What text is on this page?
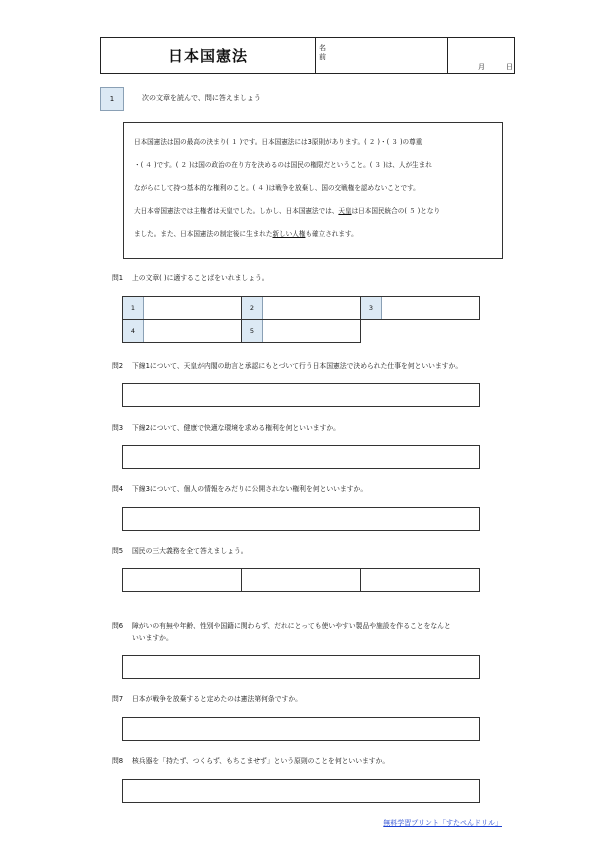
日本国憲法	名
前
月	日
1	次の文章を読んで、問に答えましょう

日本国憲法は国の最高の決まり( １ )です。日本国憲法には3原則があります。( ２ )・( ３ )の尊重

・( ４ )です。( ２ )は国の政治の在り方を決めるのは国民の権限だということ。( ３ )は、人が生まれ

ながらにして持つ基本的な権利のこと。( ４ )は戦争を放棄し、国の交戦権を認めないことです。

大日本帝国憲法では主権者は天皇でした。しかし、日本国憲法では、天皇は日本国民統合の( ５ )となり

ました。また、日本国憲法の制定後に生まれた新しい人権も確立されます。

問1 上の文章( )に適することばをいれましょう。
1	2	3
4	5
問2 下線1について、天皇が内閣の助言と承認にもとづいて行う日本国憲法で決められた仕事を何といいますか。
問3 下線2について、健康で快適な環境を求める権利を何といいますか。
問4 下線3について、個人の情報をみだりに公開されない権利を何といいますか。
問5 国民の三大義務を全て答えましょう。
問6 障がいの有無や年齢、性別や国籍に関わらず、だれにとっても使いやすい製品や施設を作ることをなんと
いいますか。
問7 日本が戦争を放棄すると定めたのは憲法第何条ですか。
問8 核兵器を「持たず、つくらず、もちこませず」という原則のことを何といいますか。
無料学習プリント「すたぺんドリル」
